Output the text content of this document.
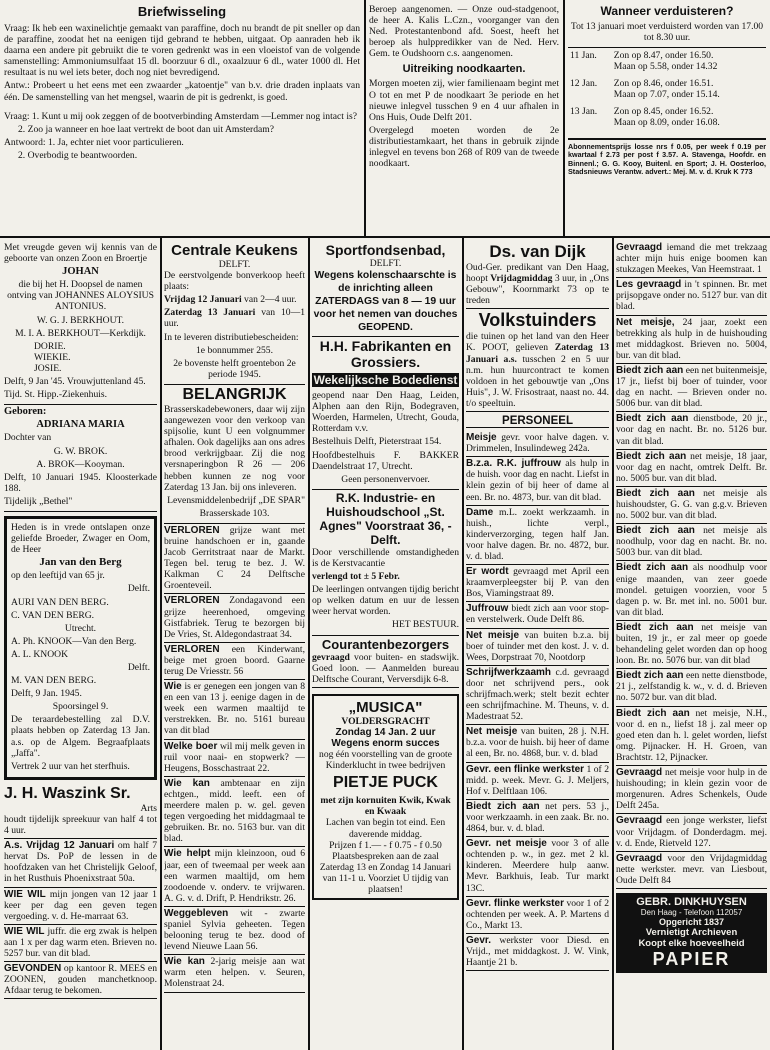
Briefwisseling

Vraag: Ik heb een waxinelichtje gemaakt van paraffine, doch nu brandt de pit sneller op dan de paraffine, zoodat het na eenigen tijd gebrand te hebben, uitgaat. Op aanraden heb ik daarna een andere pit gebruikt die te voren gedrenkt was in een vloeistof van de volgende samenstelling: Ammoniumsulfaat 15 dl. boorzuur 6 dl., oxaalzuur 6 dl., water 1000 dl. Het resultaat is nu wel iets beter, doch nog niet bevredigend.

Antw.: Probeert u het eens met een zwaarder „katoentje" van b.v. drie draden inplaats van één. De samenstelling van het mengsel, waarin de pit is gedrenkt, is goed.

Vraag: 1. Kunt u mij ook zeggen of de bootverbinding Amsterdam —Lemmer nog intact is?

2. Zoo ja wanneer en hoe laat vertrekt de boot dan uit Amsterdam?

Antwoord: 1. Ja, echter niet voor particulieren.

2. Overbodig te beantwoorden.

Beroep aangenomen. — Onze oud-stadgenoot, de heer A. Kalis L.Czn., voorganger van den Ned. Protestantenbond afd. Soest, heeft het beroep als hulppredikker van de Ned. Herv. Gem. te Oudshoorn c.s. aangenomen.

Uitreiking noodkaarten.

Morgen moeten zij, wier familienaam begint met O tot en met P de noodkaart 3e periode en het nieuwe inlegvel tusschen 9 en 4 uur afhalen in Ons Huis, Oude Delft 201.

Overgelegd moeten worden de 2e distributiestamkaart, het thans in gebruik zijnde inlegvel en tevens bon 268 of R09 van de tweede noodkaart.

Wanneer verduisteren?
Tot 13 januari moet verduisterd worden van 17.00 tot 8.30 uur.
11 Jan.	Zon op 8.47, onder 16.50.
	Maan op 5.58, onder 14.32
12 Jan.	Zon op 8.46, onder 16.51.
	Maan op 7.07, onder 15.14.
13 Jan.	Zon op 8.45, onder 16.52.
	Maan op 8.09, onder 16.08.
Abonnementsprijs losse nrs f 0.05, per week f 0.19 per kwartaal f 2.73 per post f 3.57. A. Stavenga, Hoofdr. en Binnenl.; G. G. Kooy, Buitenl. en Sport; J. H. Oosterloo, Stadsnieuws Verantw. advert.: Mej. M. v. d. Kruk K 773

Met vreugde geven wij kennis van de geboorte van onzen Zoon en Broertje

JOHAN

die bij het H. Doopsel de namen ontving van JOHANNES ALOYSIUS ANTONIUS.

W. G. J. BERKHOUT.

M. I. A. BERKHOUT—Kerkdijk.

DORIE.

WIEKIE.

JOSIE.

Delft, 9 Jan '45. Vrouwjuttenland 45.

Tijd. St. Hipp.-Ziekenhuis.

Geboren:

ADRIANA MARIA

Dochter van

G. W. BROK.

A. BROK—Kooyman.

Delft, 10 Januari 1945. Kloosterkade 188.

Tijdelijk „Bethel"

Heden is in vrede ontslapen onze geliefde Broeder, Zwager en Oom, de Heer

Jan van den Berg

op den leeftijd van 65 jr.

Delft.

AURI VAN DEN BERG.

C. VAN DEN BERG.

Utrecht.

A. Ph. KNOOK—Van den Berg.

A. L. KNOOK

Delft.

M. VAN DEN BERG.

Delft, 9 Jan. 1945.

Spoorsingel 9.

De teraardebestelling zal D.V. plaats hebben op Zaterdag 13 Jan. a.s. op de Algem. Begraafplaats „Jaffa".

Vertrek 2 uur van het sterfhuis.

J. H. Waszink Sr.
Arts
houdt tijdelijk spreekuur van half 4 tot 4 uur.
A.s. Vrijdag 12 Januari om half 7 hervat Ds. PoP de lessen in de hoofdzaken van het Christelijk Geloof, in het Rusthuis Phoenixstraat 50a.
WIE WIL mijn jongen van 12 jaar 1 keer per dag een geven tegen vergoeding. v. d. He-marraat 63.
WIE WIL juffr. die erg zwak is helpen aan 1 x per dag warm eten. Brieven no. 5257 bur. van dit blad.
GEVONDEN op kantoor R. MEES en ZOONEN, gouden manchetknoop. Afdaar terug te bekomen.
Centrale Keukens
DELFT.

De eerstvolgende bonverkoop heeft plaats:

Vrijdag 12 Januari van 2—4 uur.

Zaterdag 13 Januari van 10—1 uur.

In te leveren distributiebescheiden:

1e bonnummer 255.

2e bovenste helft groentebon 2e periode 1945.

BELANGRIJK

Brasserskadebewoners, daar wij zijn aangewezen voor den verkoop van spijsolie, kunt U een volgnummer afhalen. Ook dagelijks aan ons adres brood verkrijgbaar. Zij die nog versnaperingbon R 26 — 206 hebben kunnen ze nog voor Zaterdag 13 Jan. bij ons inleveren.

Levensmiddelenbedrijf „DE SPAR"

Brasserskade 103.

VERLOREN grijze want met bruine handschoen er in, gaande Jacob Gerritstraat naar de Markt. Tegen bel. terug te bez. J. W. Kalkman C 24 Delftsche Groenteveil.
VERLOREN Zondagavond een grijze heerenhoed, omgeving Gistfabriek. Terug te bezorgen bij De Vries, St. Aldegondastraat 34.
VERLOREN een Kinderwant, beige met groen boord. Gaarne terug De Vriesstr. 56
Wie is er genegen een jongen van 8 en een van 13 j. eenige dagen in de week een warmen maaltijd te verstrekken. Br. no. 5161 bureau van dit blad
Welke boer wil mij melk geven in ruil voor naai- en stopwerk? — Heugens, Bosschastraat 22.
Wie kan ambtenaar en zijn echtgen., midd. leeft. een of meerdere malen p. w. gel. geven tegen vergoeding het middagmaal te gebruiken. Br. no. 5163 bur. van dit blad.
Wie helpt mijn kleinzoon, oud 6 jaar, een of tweemaal per week aan een warmen maaltijd, om hem zoodoende v. onderv. te vrijwaren. A. G. v. d. Drift, P. Hendrikstr. 26.
Weggebleven wit - zwarte spaniel Sylvia geheeten. Tegen belooning terug te bez. dood of levend Nieuwe Laan 56.
Wie kan 2-jarig meisje aan wat warm eten helpen. v. Seuren, Molenstraat 24.
Sportfondsenbad,
DELFT.
Wegens kolenschaarschte is de inrichting alleen ZATERDAGS van 8 — 19 uur voor het nemen van douches GEOPEND.
H.H. Fabrikanten en Grossiers.
Wekelijksche Bodedienst

geopend naar Den Haag, Leiden, Alphen aan den Rijn, Bodegraven, Woerden, Harmelen, Utrecht, Gouda, Rotterdam v.v.

Bestelhuis Delft, Pieterstraat 154.

Hoofdbestelhuis F. BAKKER Daendelstraat 17, Utrecht.

Geen personenvervoer.

R.K. Industrie- en Huishoudschool „St. Agnes" Voorstraat 36, - Delft.

Door verschillende omstandigheden is de Kerstvacantie

verlengd tot ± 5 Febr.

De leerlingen ontvangen tijdig bericht op welken datum en uur de lessen weer hervat worden.

HET BESTUUR.

Courantenbezorgers
gevraagd voor buiten- en stadswijk. Goed loon. — Aanmelden bureau Delftsche Courant, Verversdijk 6-8.
„MUSICA"
VOLDERSGRACHT
Zondag 14 Jan. 2 uur
Wegens enorm succes
nog één voorstelling van de groote Kinderklucht in twee bedrijven
PIETJE PUCK
met zijn kornuiten Kwik, Kwak en Kwaak
Lachen van begin tot eind. Een daverende middag.
Prijzen f 1.— - f 0.75 - f 0.50
Plaatsbespreken aan de zaal Zaterdag 13 en Zondag 14 Januari van 11-1 u. Voorziet U tijdig van plaatsen!
Ds. van Dijk
Oud-Ger. predikant van Den Haag, hoopt Vrijdagmiddag 3 uur, in „Ons Gebouw", Koornmarkt 73 op te treden
Volkstuinders
die tuinen op het land van den Heer K. POOT, gelieven Zaterdag 13 Januari a.s. tusschen 2 en 5 uur n.m. hun huurcontract te komen voldoen in het gebouwtje van „Ons Huis", J. W. Frisostraat, naast no. 44. t/o speeltuin.
PERSONEEL
Meisje gevr. voor halve dagen. v. Drimmelen, Insulindeweg 242a.
B.z.a. R.K. juffrouw als hulp in de huish. voor dag en nacht. Liefst in klein gezin of bij heer of dame al een. Br. no. 4873, bur. van dit blad.
Dame m.L. zoekt werkzaamh. in huish., lichte verpl., kinderverzorging, tegen half Jan. voor halve dagen. Br. no. 4872, bur. v. d. blad.
Er wordt gevraagd met April een kraamverpleegster bij P. van den Bos, Viamingstraat 89.
Juffrouw biedt zich aan voor stop- en verstelwerk. Oude Delft 86.
Net meisje van buiten b.z.a. bij boer of tuinder met den kost. J. v. d. Wees, Dorpstraat 70, Nootdorp
Schrijfwerkzaamh c.d. gevraagd door net schrijvend pers., ook schrijfmach.werk; stelt bezit echter een schrijfmachine. M. Theuns, v. d. Madestraat 52.
Net meisje van buiten, 28 j. N.H. b.z.a. voor de huish. bij heer of dame al een, Br. no. 4868, bur. v. d. blad
Gevr. een flinke werkster 1 of 2 midd. p. week. Mevr. G. J. Meljers, Hof v. Delftlaan 106.
Biedt zich aan net pers. 53 j., voor werkzaamh. in een zaak. Br. no. 4864, bur. v. d. blad.
Gevr. net meisje voor 3 of alle ochtenden p. w., in gez. met 2 kl. kinderen. Meerdere hulp aanw. Mevr. Barkhuis, Ieab. Tur markt 13C.
Gevr. flinke werkster voor 1 of 2 ochtenden per week. A. P. Martens d Co., Markt 13.
Gevr. werkster voor Diesd. en Vrijd., met middagkost. J. W. Vink, Haantje 21 b.
Gevraagd iemand die met trekzaag achter mijn huis enige boomen kan stukzagen Meekes, Van Heemstraat. 1
Les gevraagd in 't spinnen. Br. met prijsopgave onder no. 5127 bur. van dit blad.
Net meisje, 24 jaar, zoekt een betrekking als hulp in de huishouding met middagkost. Brieven no. 5004, bur. van dit blad.
Biedt zich aan een net buitenmeisje, 17 jr., liefst bij boer of tuinder, voor dag en nacht. — Brieven onder no. 5006 bur. van dit blad.
Biedt zich aan dienstbode, 20 jr., voor dag en nacht. Br. no. 5126 bur. van dit blad.
Biedt zich aan net meisje, 18 jaar, voor dag en nacht, omtrek Delft. Br. no. 5005 bur. van dit blad.
Biedt zich aan net meisje als huishoudster, G. G. van g.g.v. Brieven no. 5002 bur. van dit blad.
Biedt zich aan net meisje als noodhulp, voor dag en nacht. Br. no. 5003 bur. van dit blad.
Biedt zich aan als noodhulp voor enige maanden, van zeer goede mondel. getuigen voorzien, voor 5 dagen p. w. Br. met inl. no. 5001 bur. van dit blad.
Biedt zich aan net meisje van buiten, 19 jr., er zal meer op goede behandeling gelet worden dan op hoog loon. Br. no. 5076 bur. van dit blad
Biedt zich aan een nette dienstbode, 21 j., zelfstandig k. w., v. d. d. Brieven no. 5072 bur. van dit blad.
Biedt zich aan net meisje, N.H., voor d. en n., liefst 18 j. zal meer op goed eten dan h. l. gelet worden, liefst omg. Pijnacker. H. H. Groen, van Brachtstr. 12, Pijnacker.
Gevraagd net meisje voor hulp in de huishouding; in klein gezin voor de morgenuren. Adres Schenkels, Oude Delft 245a.
Gevraagd een jonge werkster, liefst voor Vrijdagm. of Donderdagm. mej. v. d. Ende, Rietveld 127.
Gevraagd voor den Vrijdagmiddag nette werkster. mevr. van Liesbout, Oude Delft 84
GEBR. DINKHUYSEN
Den Haag - Telefoon 112057
Opgericht 1837
Vernietigt Archieven
Koopt elke hoeveelheid
PAPIER
